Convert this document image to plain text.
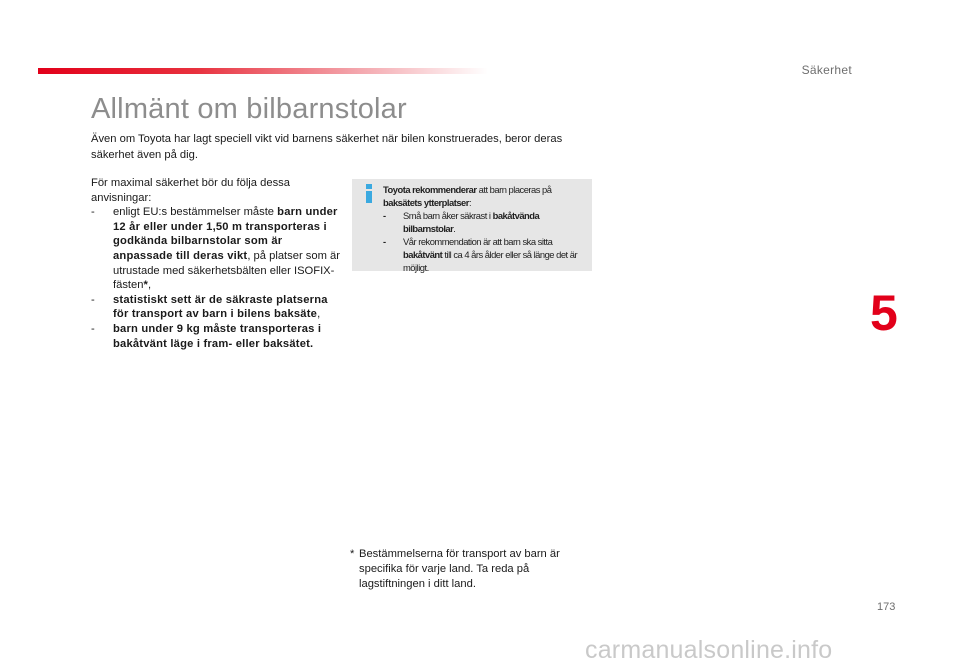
Säkerhet
Allmänt om bilbarnstolar
Även om Toyota har lagt speciell vikt vid barnens säkerhet när bilen konstruerades, beror deras säkerhet även på dig.

För maximal säkerhet bör du följa dessa anvisningar:

- enligt EU:s bestämmelser måste barn under 12 år eller under 1,50 m transporteras i godkända bilbarnstolar som är anpassade till deras vikt, på platser som är utrustade med säkerhetsbälten eller ISOFIX-fästen*,
- statistiskt sett är de säkraste platserna för transport av barn i bilens baksäte,
- barn under 9 kg måste transporteras i bakåtvänt läge i fram- eller baksätet.

Toyota rekommenderar att barn placeras på baksätets ytterplatser:

- Små barn åker säkrast i bakåtvända bilbarnstolar.
- Vår rekommendation är att barn ska sitta bakåtvänt till ca 4 års ålder eller så länge det är möjligt.
5
* Bestämmelserna för transport av barn är specifika för varje land. Ta reda på lagstiftningen i ditt land.
173
carmanualsonline.info
